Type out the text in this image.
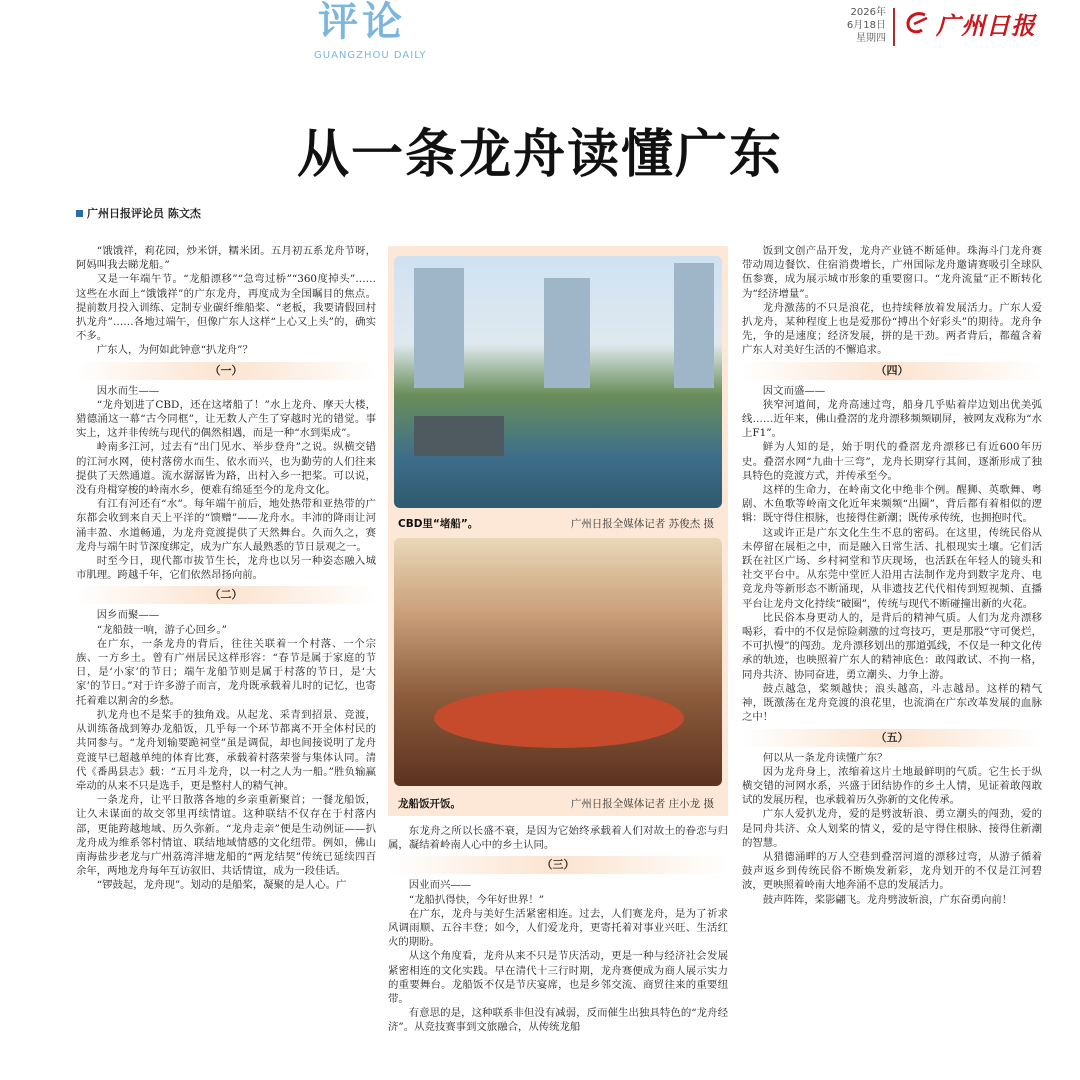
评论
GUANGZHOU DAILY
2026年
6月18日
星期四 广州日报
从一条龙舟读懂广东
广州日报评论员 陈文杰

“饿饿祥，莉花园，炒米饼，糯米团。五月初五系龙舟节呀，阿妈叫我去睇龙船。”

又是一年端午节。“龙船漂移”“急弯过桥”“360度掉头”……这些在水面上“饿饿祥”的广东龙舟，再度成为全国瞩目的焦点。提前数月投入训练、定制专业碳纤维船桨、“老板，我要请假回村扒龙舟”……各地过端午，但像广东人这样“上心又上头”的，确实不多。

广东人，为何如此钟意“扒龙舟”？

（一）

因水而生——

“龙舟划进了CBD，还在这堵船了！”水上龙舟、摩天大楼，猎德涌这一幕“古今同框”，让无数人产生了穿越时光的错觉。事实上，这并非传统与现代的偶然相遇，而是一种“水到渠成”。

岭南多江河，过去有“出门见水、举步登舟”之说。纵横交错的江河水网，使村落傍水而生、依水而兴，也为勤劳的人们往来提供了天然通道。流水潺潺皆为路，出村入乡一把桨。可以说，没有舟楫穿梭的岭南水乡，便难有绵延至今的龙舟文化。

有江有河还有“水”。每年端午前后，地处热带和亚热带的广东都会收到来自天上平洋的“馈赠”——龙舟水。丰沛的降雨让河涌丰盈、水道畅通，为龙舟竞渡提供了天然舞台。久而久之，赛龙舟与端午时节深度绑定，成为广东人最熟悉的节日景观之一。

时至今日，现代都市拔节生长，龙舟也以另一种姿态融入城市肌理。跨越千年，它们依然昂扬向前。

（二）

因乡而聚——

“龙船鼓一响，游子心回乡。”

在广东，一条龙舟的背后，往往关联着一个村落、一个宗族、一方乡土。曾有广州居民这样形容：“春节是属于家庭的节日，是‘小家’的节日；端午龙船节则是属于村落的节日，是‘大家’的节日。”对于许多游子而言，龙舟既承载着儿时的记忆，也寄托着难以割舍的乡愁。

扒龙舟也不是桨手的独角戏。从起龙、采青到招景、竞渡，从训练备战到筹办龙船饭，几乎每一个环节都离不开全体村民的共同参与。“龙舟划输要跪祠堂”虽是调侃，却也间接说明了龙舟竞渡早已超越单纯的体育比赛，承载着村落荣誉与集体认同。清代《番禺县志》载：“五月斗龙舟，以一村之人为一船。”胜负输赢牵动的从来不只是选手，更是整村人的精气神。

一条龙舟，让平日散落各地的乡亲重新聚首；一餐龙船饭，让久未谋面的故交邻里再续情谊。这种联结不仅存在于村落内部，更能跨越地域、历久弥新。“龙舟走亲”便是生动例证——扒龙舟成为维系邻村情谊、联结地域情感的文化纽带。例如，佛山南海盐步老龙与广州荔湾泮塘龙船的“两龙结契”传统已延续四百余年，两地龙舟每年互访叙旧、共话情谊，成为一段佳话。

“锣鼓起，龙舟现”。划动的是船桨，凝聚的是人心。广

东龙舟之所以长盛不衰，是因为它始终承载着人们对故土的眷恋与归属，凝结着岭南人心中的乡土认同。

（三）

因业而兴——

“龙船扒得快，今年好世界！”

在广东，龙舟与美好生活紧密相连。过去，人们赛龙舟，是为了祈求风调雨顺、五谷丰登；如今，人们爱龙舟，更寄托着对事业兴旺、生活红火的期盼。

从这个角度看，龙舟从来不只是节庆活动，更是一种与经济社会发展紧密相连的文化实践。早在清代十三行时期，龙舟赛便成为商人展示实力的重要舞台。龙船饭不仅是节庆宴席，也是乡邻交流、商贸往来的重要纽带。

有意思的是，这种联系非但没有减弱，反而催生出独具特色的“龙舟经济”。从竞技赛事到文旅融合，从传统龙船

饭到文创产品开发，龙舟产业链不断延伸。珠海斗门龙舟赛带动周边餐饮、住宿消费增长，广州国际龙舟邀请赛吸引全球队伍参赛，成为展示城市形象的重要窗口。“龙舟流量”正不断转化为“经济增量”。

龙舟激荡的不只是浪花，也持续释放着发展活力。广东人爱扒龙舟，某种程度上也是爱那份“搏出个好彩头”的期待。龙舟争先，争的是速度；经济发展，拼的是干劲。两者背后，都蕴含着广东人对美好生活的不懈追求。

（四）

因文而盛——

狭窄河道间，龙舟高速过弯，船身几乎贴着岸边划出优美弧线……近年来，佛山叠滘的龙舟漂移频频刷屏，被网友戏称为“水上F1”。

鲜为人知的是，始于明代的叠滘龙舟漂移已有近600年历史。叠滘水网“九曲十三弯”，龙舟长期穿行其间，逐渐形成了独具特色的竞渡方式，并传承至今。

这样的生命力，在岭南文化中绝非个例。醒狮、英歌舞、粤剧、木鱼歌等岭南文化近年来频频“出圈”，背后都有着相似的逻辑：既守得住根脉，也接得住新潮；既传承传统，也拥抱时代。

这或许正是广东文化生生不息的密码。在这里，传统民俗从未停留在展柜之中，而是融入日常生活、扎根现实土壤。它们活跃在社区广场、乡村祠堂和节庆现场，也活跃在年轻人的镜头和社交平台中。从东莞中堂匠人沿用古法制作龙舟到数字龙舟、电竞龙舟等新形态不断涌现，从非遗技艺代代相传到短视频、直播平台让龙舟文化持续“破圈”，传统与现代不断碰撞出新的火花。

比民俗本身更动人的，是背后的精神气质。人们为龙舟漂移喝彩，看中的不仅是惊险刺激的过弯技巧，更是那股“守可煲烂，不可扒慢”的闯劲。龙舟漂移划出的那道弧线，不仅是一种文化传承的轨迹，也映照着广东人的精神底色：敢闯敢试、不拘一格，同舟共济、协同奋进，勇立潮头、力争上游。

鼓点越急，桨频越快；浪头越高，斗志越昂。这样的精气神，既激荡在龙舟竞渡的浪花里，也流淌在广东改革发展的血脉之中！

（五）

何以从一条龙舟读懂广东？

因为龙舟身上，浓缩着这片土地最鲜明的气质。它生长于纵横交错的河网水系，兴盛于团结协作的乡土人情，见证着敢闯敢试的发展历程，也承载着历久弥新的文化传承。

广东人爱扒龙舟，爱的是劈波斩浪、勇立潮头的闯劲，爱的是同舟共济、众人划桨的情义，爱的是守得住根脉、接得住新潮的智慧。

从猎德涌畔的万人空巷到叠滘河道的漂移过弯，从游子循着鼓声返乡到传统民俗不断焕发新彩，龙舟划开的不仅是江河碧波，更映照着岭南大地奔涌不息的发展活力。

鼓声阵阵，桨影翩飞。龙舟劈波斩浪，广东奋勇向前！

CBD里“堵船”。	广州日报全媒体记者 苏俊杰 摄
龙船饭开饭。	广州日报全媒体记者 庄小龙 摄
